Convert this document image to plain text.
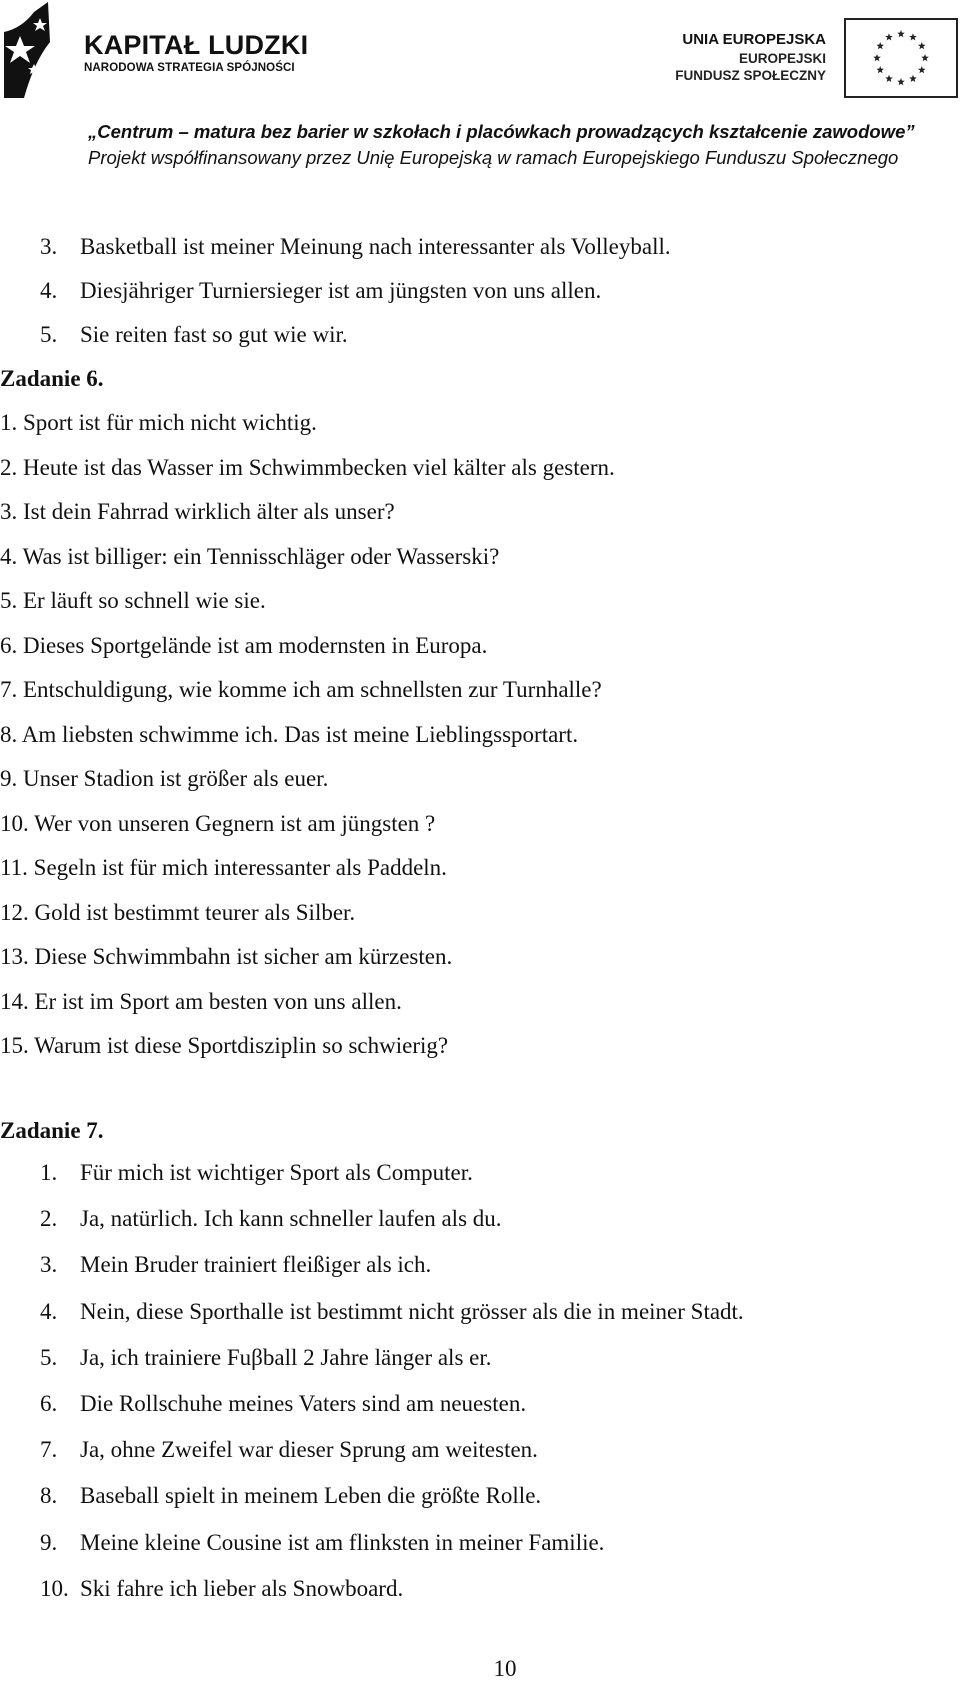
KAPITAŁ LUDZKI
NARODOWA STRATEGIA SPÓJNOŚCI
UNIA EUROPEJSKA
EUROPEJSKI
FUNDUSZ SPOŁECZNY
„Centrum – matura bez barier w szkołach i placówkach prowadzących kształcenie zawodowe”
Projekt współfinansowany przez Unię Europejską w ramach Europejskiego Funduszu Społecznego
3. Basketball ist meiner Meinung nach interessanter als Volleyball.
4. Diesjähriger Turniersieger ist am jüngsten von uns allen.
5. Sie reiten fast so gut wie wir.
Zadanie 6.
1. Sport ist für mich nicht wichtig.
2. Heute ist das Wasser im Schwimmbecken viel kälter als gestern.
3. Ist dein Fahrrad wirklich älter als unser?
4. Was ist billiger: ein Tennisschläger oder Wasserski?
5. Er läuft so schnell wie sie.
6. Dieses Sportgelände ist am modernsten in Europa.
7. Entschuldigung, wie komme ich am schnellsten zur Turnhalle?
8. Am liebsten schwimme ich. Das ist meine Lieblingssportart.
9. Unser Stadion ist größer als euer.
10. Wer von unseren Gegnern ist am jüngsten ?
11. Segeln ist für mich interessanter als Paddeln.
12. Gold ist bestimmt teurer als Silber.
13. Diese Schwimmbahn ist sicher am kürzesten.
14. Er ist im Sport am besten von uns allen.
15. Warum ist diese Sportdisziplin so schwierig?
Zadanie 7.
1. Für mich ist wichtiger Sport als Computer.
2. Ja, natürlich. Ich kann schneller laufen als du.
3. Mein Bruder trainiert fleißiger als ich.
4. Nein, diese Sporthalle ist bestimmt nicht grösser als die in meiner Stadt.
5. Ja, ich trainiere Fuβball 2 Jahre länger als er.
6. Die Rollschuhe meines Vaters sind am neuesten.
7. Ja, ohne Zweifel war dieser Sprung am weitesten.
8. Baseball spielt in meinem Leben die größte Rolle.
9. Meine kleine Cousine ist am flinksten in meiner Familie.
10. Ski fahre ich lieber als Snowboard.
10
